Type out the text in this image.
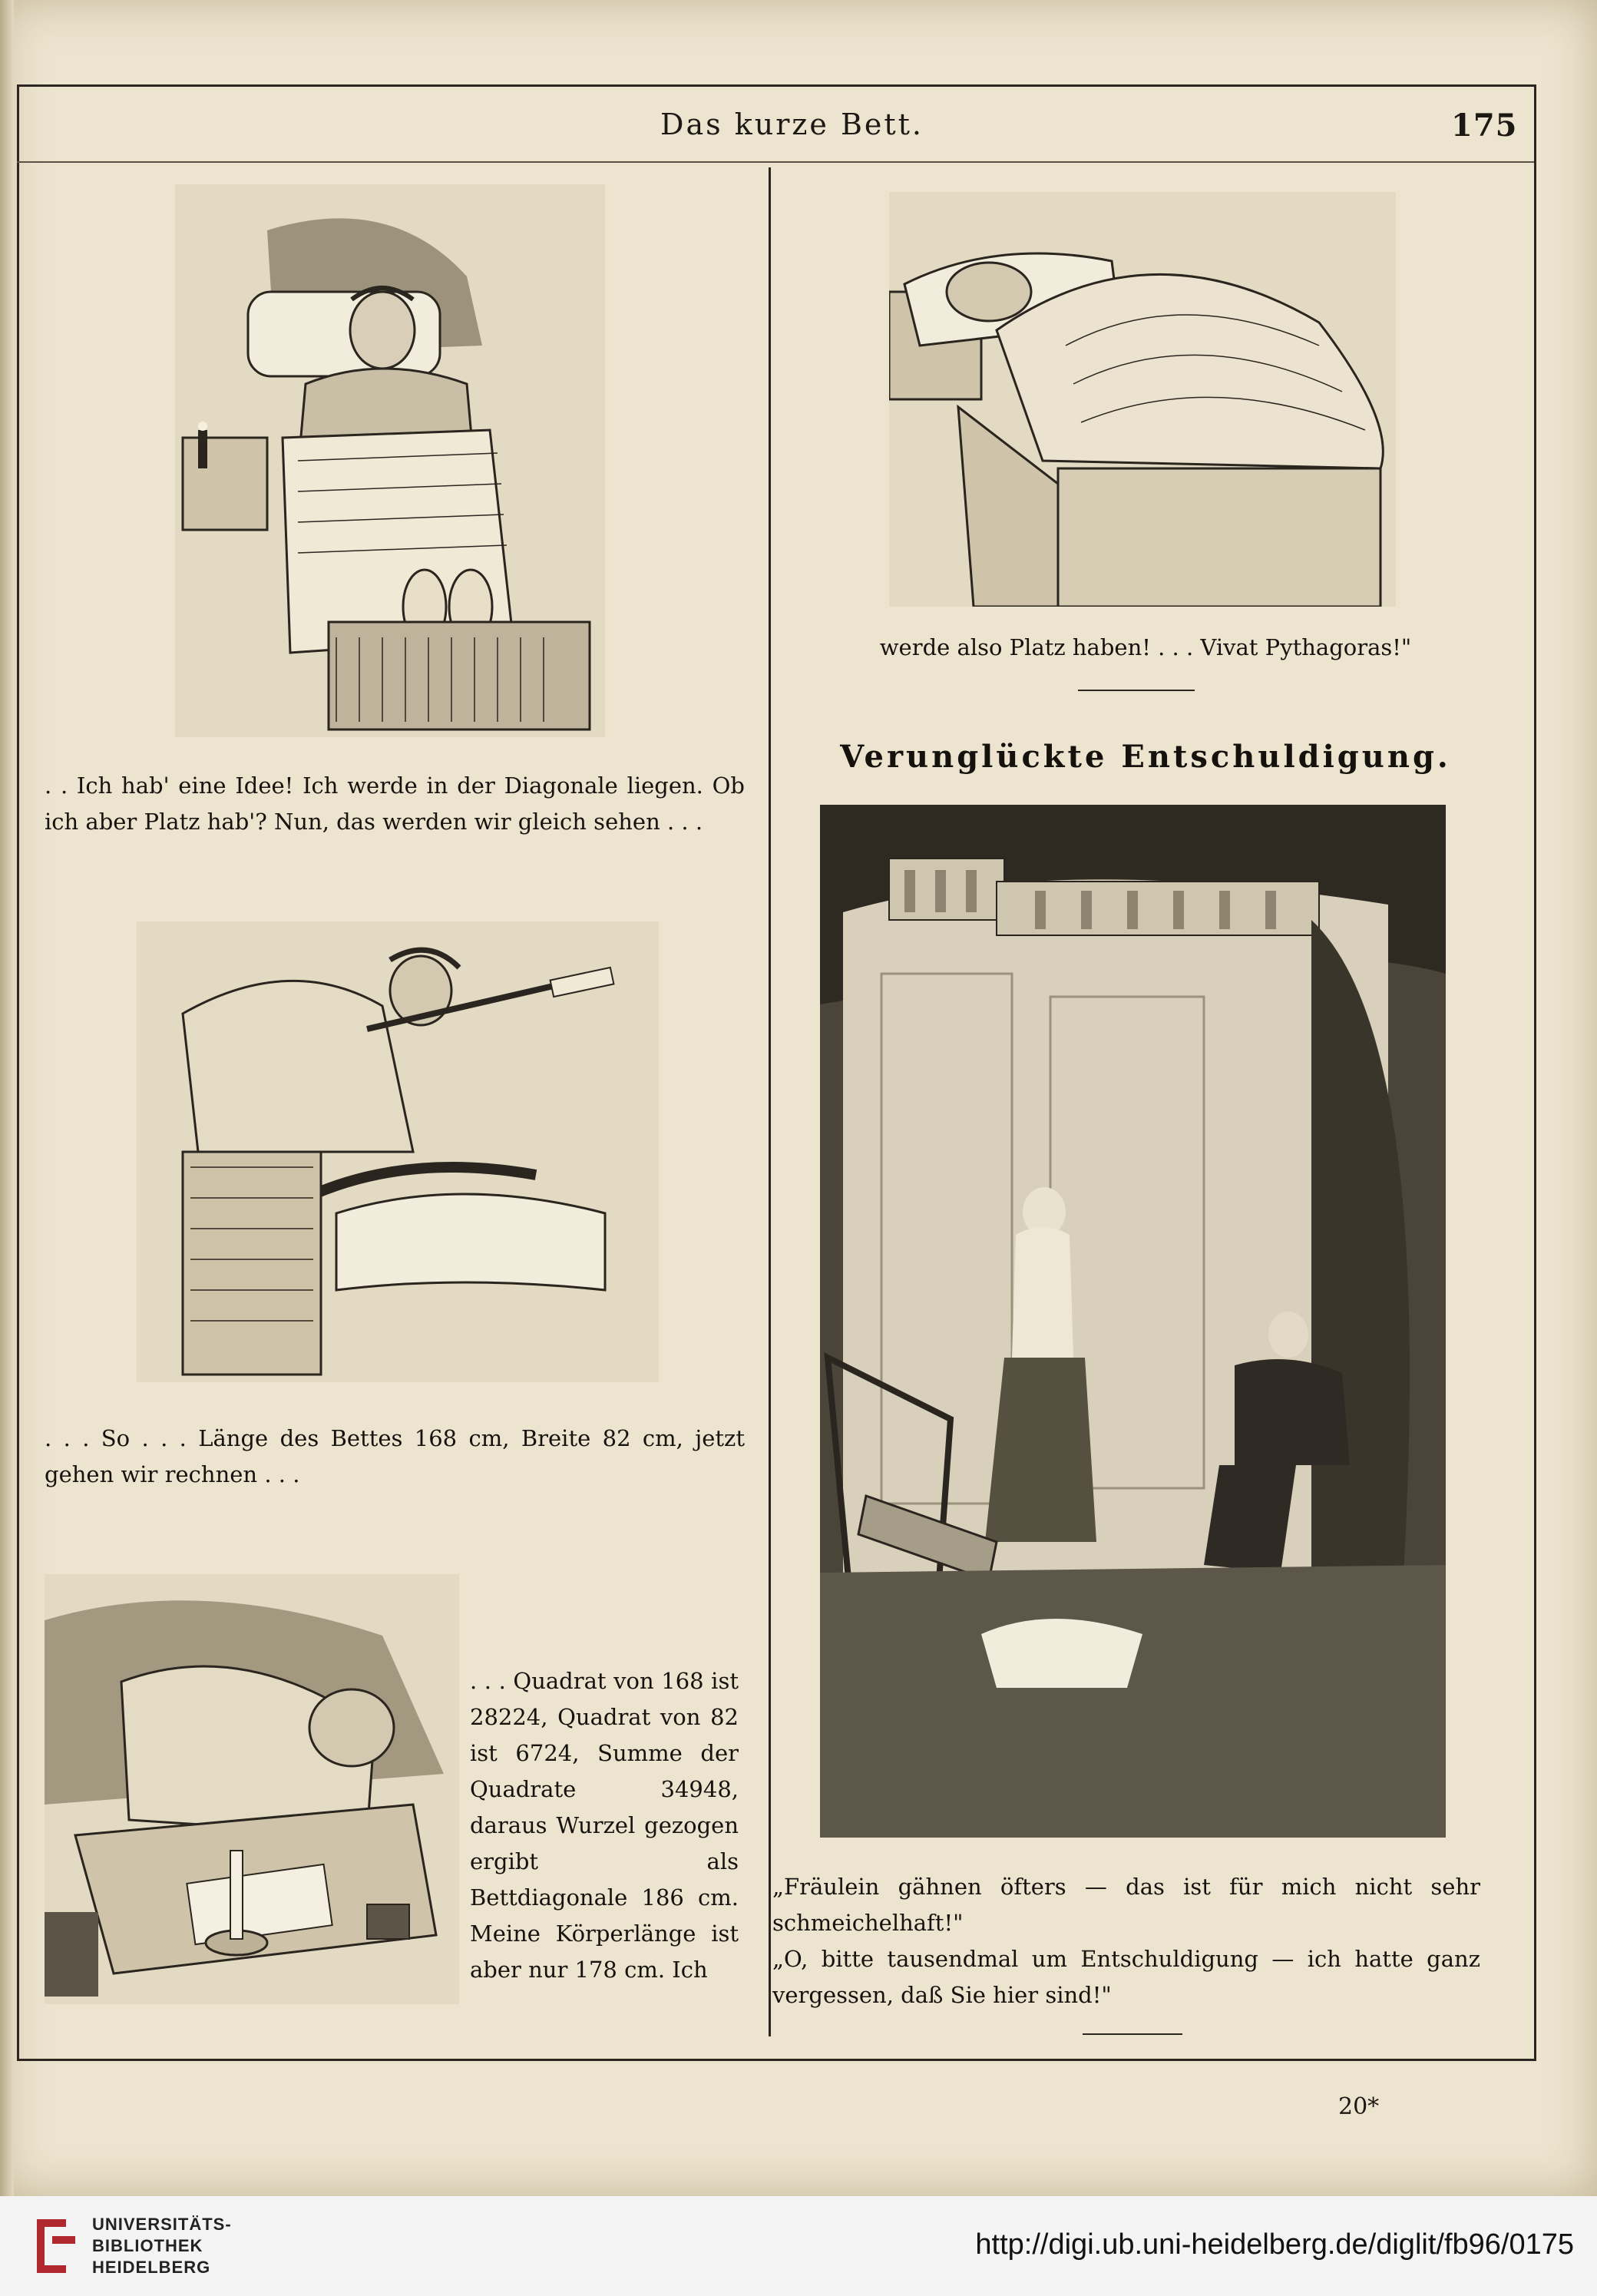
Das kurze Bett.	175
. . Ich hab' eine Idee! Ich werde in der Diagonale liegen. Ob ich aber Platz hab'? Nun, das werden wir gleich sehen . . .
. . . So . . . Länge des Bettes 168 cm, Breite 82 cm, jetzt gehen wir rechnen . . .
. . . Quadrat von 168 ist 28224, Quadrat von 82 ist 6724, Summe der Quadrate 34948, daraus Wurzel gezogen ergibt als Bettdiagonale 186 cm. Meine Körperlänge ist aber nur 178 cm. Ich
werde also Platz haben! . . . Vivat Pythagoras!"
Verunglückte Entschuldigung.
„Fräulein gähnen öfters — das ist für mich nicht sehr schmeichelhaft!"
„O, bitte tausendmal um Entschuldigung — ich hatte ganz vergessen, daß Sie hier sind!"
20*
UNIVERSITÄTS-
BIBLIOTHEK
HEIDELBERG
http://digi.ub.uni-heidelberg.de/diglit/fb96/0175
